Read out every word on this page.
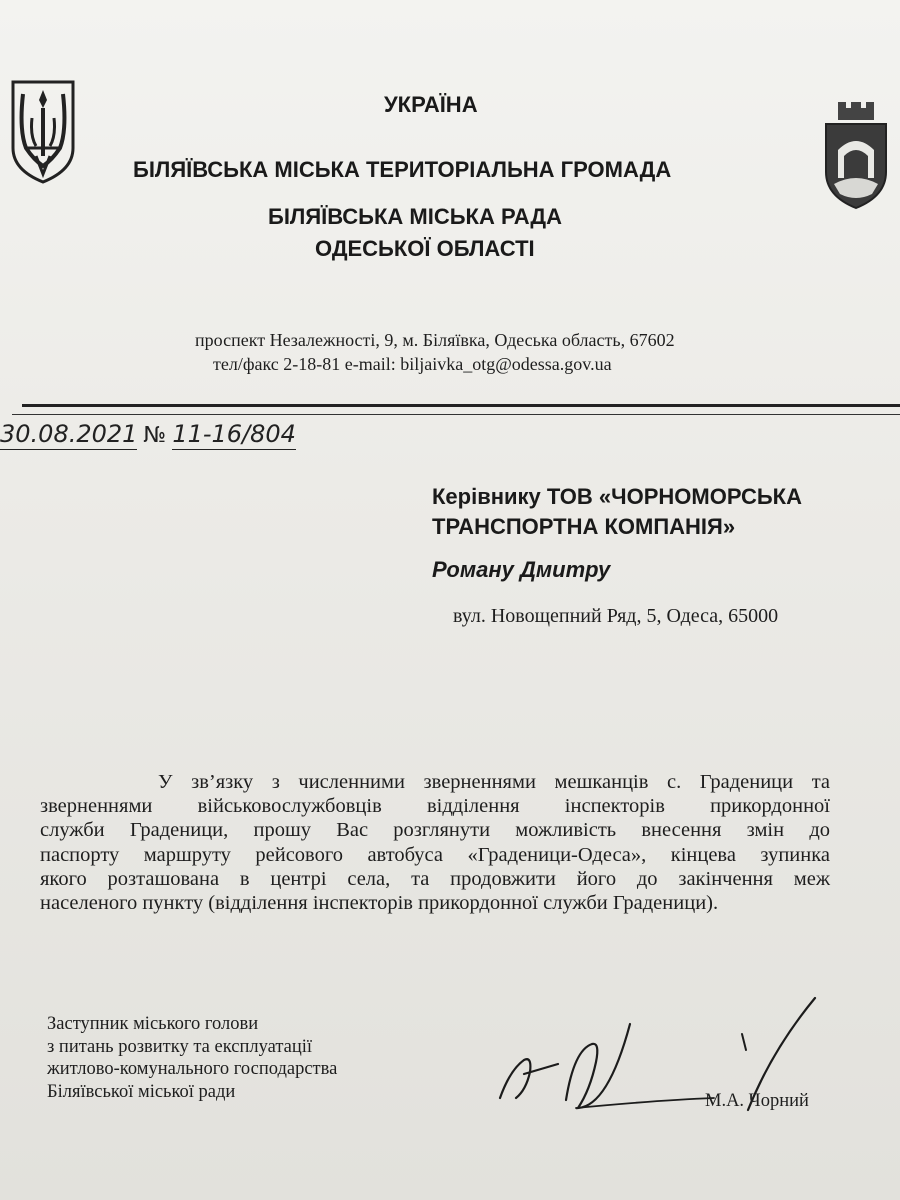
УКРАЇНА
БІЛЯЇВСЬКА МІСЬКА ТЕРИТОРІАЛЬНА ГРОМАДА
БІЛЯЇВСЬКА МІСЬКА РАДА
ОДЕСЬКОЇ ОБЛАСТІ
проспект Незалежності, 9, м. Біляївка, Одеська область, 67602
тел/факс 2-18-81 e-mail: biljaivka_otg@odessa.gov.ua
30.08.2021 № 11-16/804
Керівнику ТОВ «ЧОРНОМОРСЬКА
ТРАНСПОРТНА КОМПАНІЯ»
Роману Дмитру
вул. Новощепний Ряд, 5, Одеса, 65000
У зв’язку з численними зверненнями мешканців с. Граденици та
зверненнями військовослужбовців відділення інспекторів прикордонної
служби Граденици, прошу Вас розглянути можливість внесення змін до
паспорту маршруту рейсового автобуса «Граденици-Одеса», кінцева зупинка
якого розташована в центрі села, та продовжити його до закінчення меж
населеного пункту (відділення інспекторів прикордонної служби Граденици).
Заступник міського голови
з питань розвитку та експлуатації
житлово-комунального господарства
Біляївської міської ради	М.А. Чорний
